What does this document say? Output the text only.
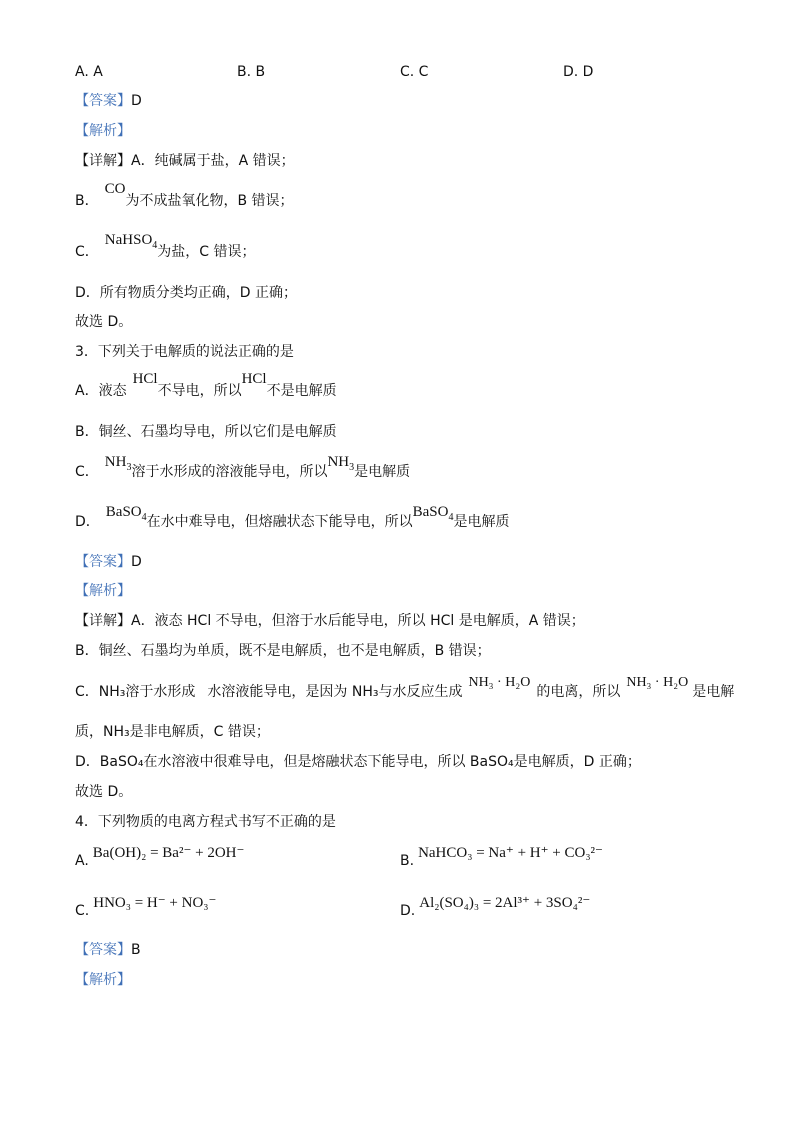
A. A	B. B	C. C	D. D
【答案】D
【解析】
【详解】A．纯碱属于盐，A 错误；
B．CO为不成盐氧化物，B 错误；
C．NaHSO$_4$为盐，C 错误；
D．所有物质分类均正确，D 正确；
故选 D。
3．下列关于电解质的说法正确的是
A．液态HCl不导电，所以HCl不是电解质
B．铜丝、石墨均导电，所以它们是电解质
C．$NH_3$溶于水形成的溶液能导电，所以$NH_3$是电解质
D．BaSO$_4$在水中难导电，但熔融状态下能导电，所以BaSO$_4$是电解质
【答案】D
【解析】
【详解】A．液态 HCl 不导电，但溶于水后能导电，所以 HCl 是电解质，A 错误；
B．铜丝、石墨均为单质，既不是电解质，也不是电解质，B 错误；
C．NH₃溶于水形成 水溶液能导电，是因为 NH₃与水反应生成NH₃ · H₂O的电离，所以NH₃ · H₂O是电解
质，NH₃是非电解质，C 错误；
D．BaSO₄在水溶液中很难导电，但是熔融状态下能导电，所以 BaSO₄是电解质，D 正确；
故选 D。
4．下列物质的电离方程式书写不正确的是
A. Ba(OH)₂ = Ba²⁻ + 2OH⁻	B. NaHCO₃ = Na⁺ + H⁺ + CO₃²⁻
C. HNO₃ = H⁻ + NO₃⁻	D. Al₂(SO₄)₃ = 2Al³⁺ + 3SO₄²⁻
【答案】B
【解析】
